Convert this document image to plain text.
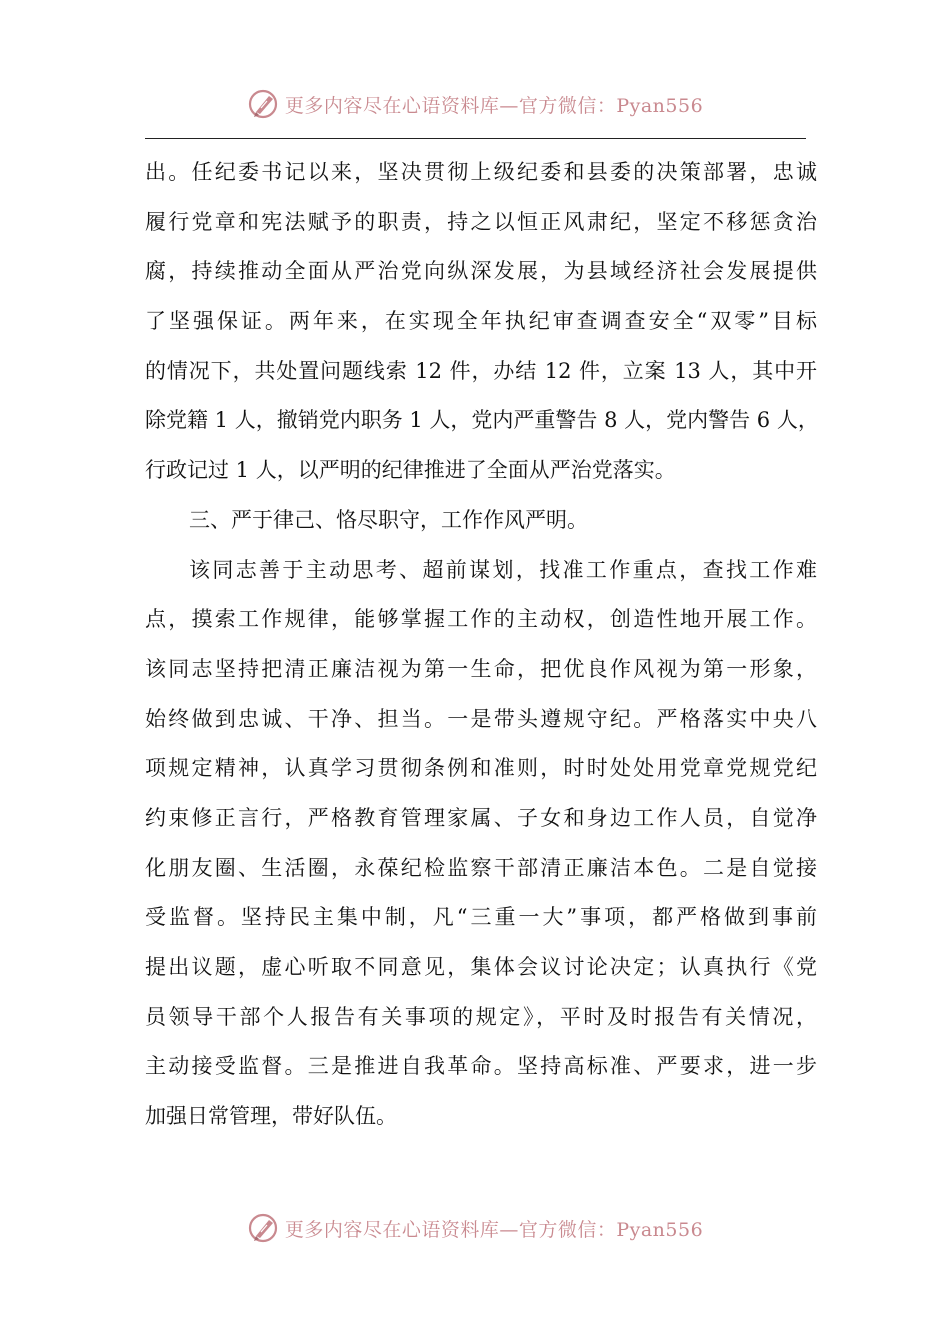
更多内容尽在心语资料库—官方微信：Pyan556
出。任纪委书记以来，坚决贯彻上级纪委和县委的决策部署，忠诚
履行党章和宪法赋予的职责，持之以恒正风肃纪，坚定不移惩贪治
腐，持续推动全面从严治党向纵深发展，为县域经济社会发展提供
了坚强保证。两年来，在实现全年执纪审查调查安全“双零”目标
的情况下，共处置问题线索 12 件，办结 12 件，立案 13 人，其中开
除党籍 1 人，撤销党内职务 1 人，党内严重警告 8 人，党内警告 6 人，
行政记过 1 人，以严明的纪律推进了全面从严治党落实。
三、严于律己、恪尽职守，工作作风严明。
该同志善于主动思考、超前谋划，找准工作重点，查找工作难
点，摸索工作规律，能够掌握工作的主动权，创造性地开展工作。
该同志坚持把清正廉洁视为第一生命，把优良作风视为第一形象，
始终做到忠诚、干净、担当。一是带头遵规守纪。严格落实中央八
项规定精神，认真学习贯彻条例和准则，时时处处用党章党规党纪
约束修正言行，严格教育管理家属、子女和身边工作人员，自觉净
化朋友圈、生活圈，永葆纪检监察干部清正廉洁本色。二是自觉接
受监督。坚持民主集中制，凡“三重一大”事项，都严格做到事前
提出议题，虚心听取不同意见，集体会议讨论决定；认真执行《党
员领导干部个人报告有关事项的规定》，平时及时报告有关情况，
主动接受监督。三是推进自我革命。坚持高标准、严要求，进一步
加强日常管理，带好队伍。
更多内容尽在心语资料库—官方微信：Pyan556
